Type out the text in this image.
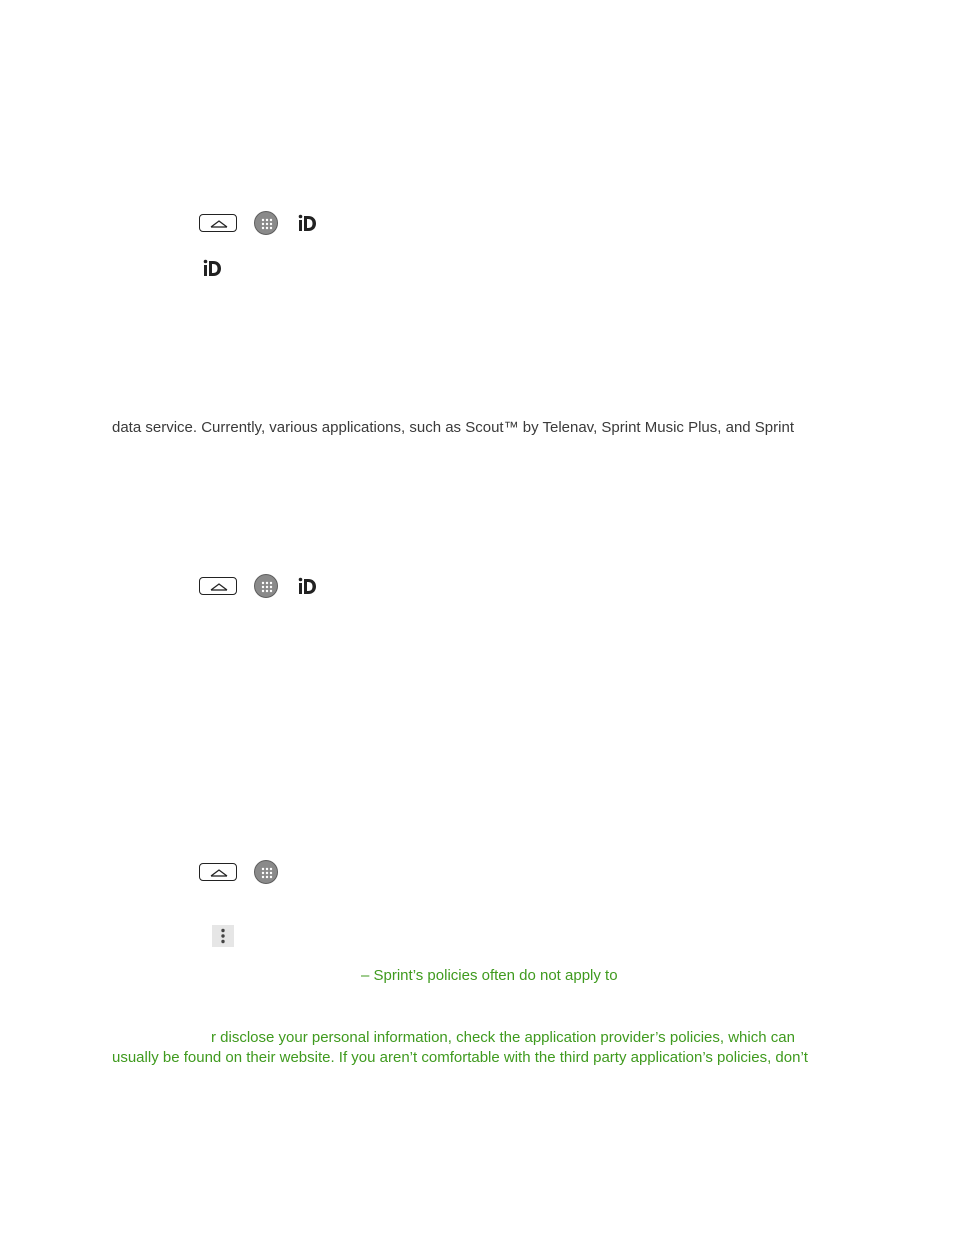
data service. Currently, various applications, such as Scout™ by Telenav, Sprint Music Plus, and Sprint
– Sprint’s policies often do not apply to
r disclose your personal information, check the application provider’s policies, which can
usually be found on their website. If you aren’t comfortable with the third party application’s policies, don’t
